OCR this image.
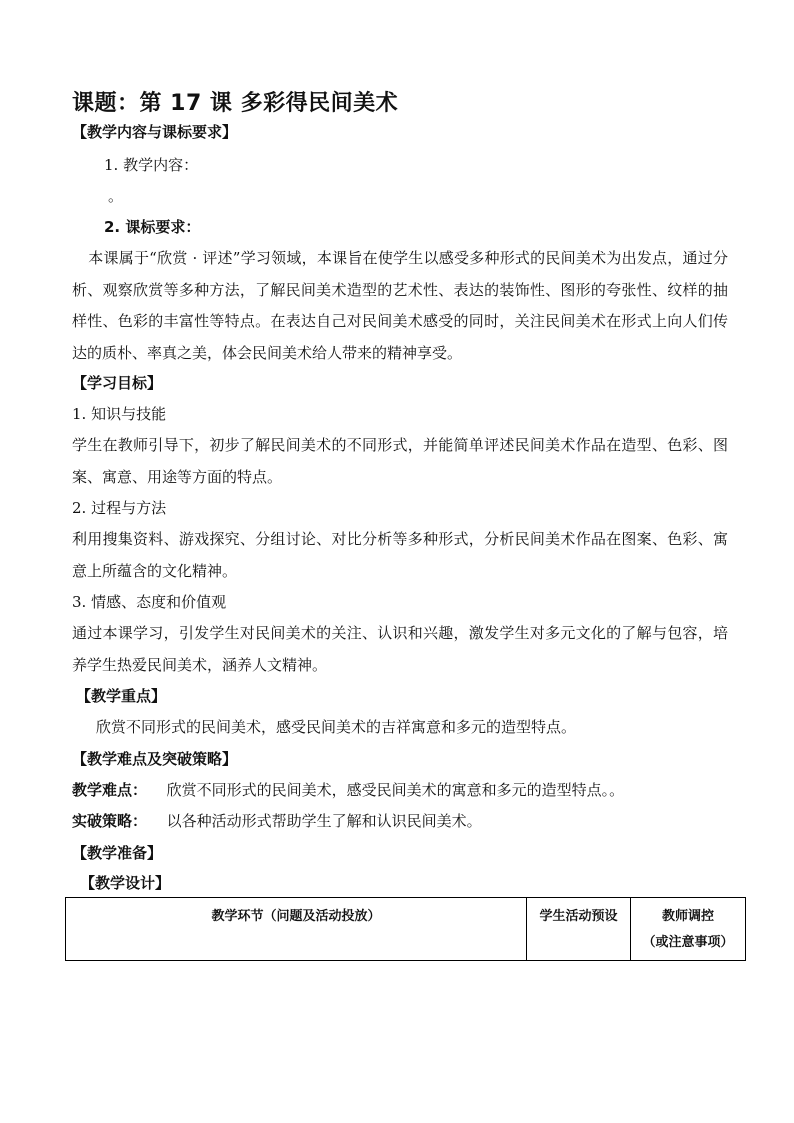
课题：第 17 课 多彩得民间美术
【教学内容与课标要求】
1. 教学内容：
。
2. 课标要求：
本课属于“欣赏 · 评述”学习领域，本课旨在使学生以感受多种形式的民间美术为出发点，通过分析、观察欣赏等多种方法，了解民间美术造型的艺术性、表达的装饰性、图形的夸张性、纹样的抽样性、色彩的丰富性等特点。在表达自己对民间美术感受的同时，关注民间美术在形式上向人们传达的质朴、率真之美，体会民间美术给人带来的精神享受。
【学习目标】
1. 知识与技能
学生在教师引导下，初步了解民间美术的不同形式，并能简单评述民间美术作品在造型、色彩、图案、寓意、用途等方面的特点。
2. 过程与方法
利用搜集资料、游戏探究、分组讨论、对比分析等多种形式，分析民间美术作品在图案、色彩、寓意上所蕴含的文化精神。
3. 情感、态度和价值观
通过本课学习，引发学生对民间美术的关注、认识和兴趣，激发学生对多元文化的了解与包容，培养学生热爱民间美术，涵养人文精神。
【教学重点】
欣赏不同形式的民间美术，感受民间美术的吉祥寓意和多元的造型特点。
【教学难点及突破策略】
教学难点： 欣赏不同形式的民间美术，感受民间美术的寓意和多元的造型特点。。
实破策略： 以各种活动形式帮助学生了解和认识民间美术。
【教学准备】
【教学设计】
教学环节（问题及活动投放）	学生活动预设	教师调控
（或注意事项）
